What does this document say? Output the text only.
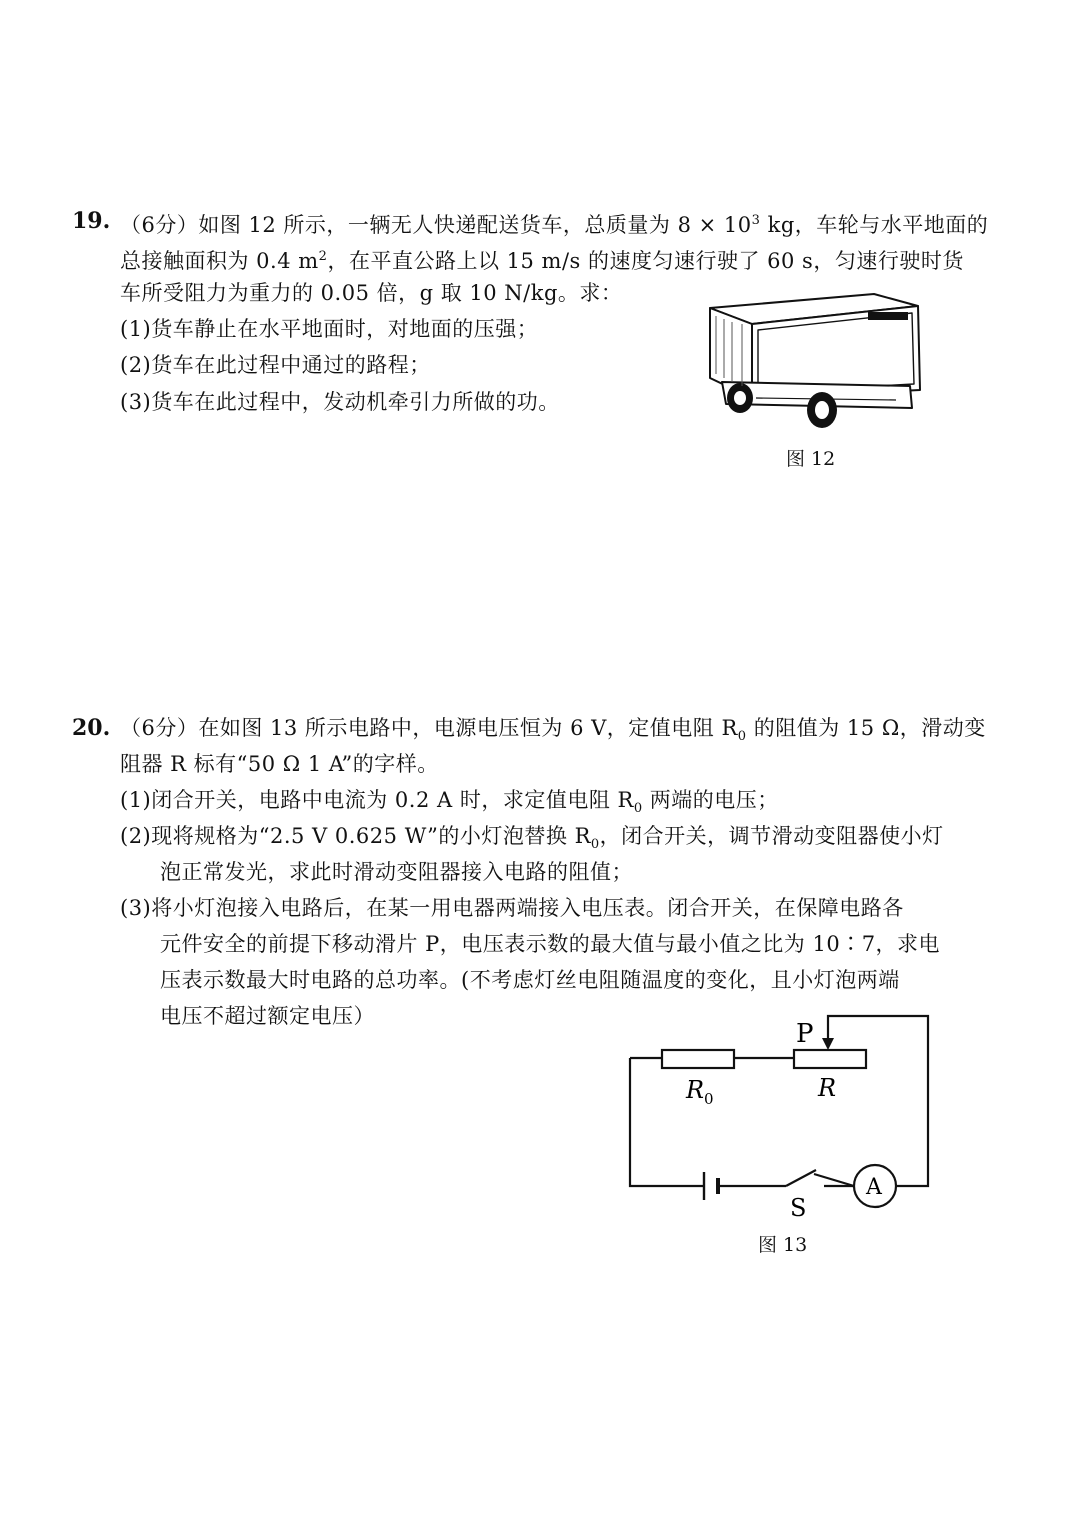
19. （6分）如图 12 所示，一辆无人快递配送货车，总质量为 $8 \times 10^3$ kg，车轮与水平地面的
总接触面积为 0.4 $m^2$，在平直公路上以 15 m/s 的速度匀速行驶了 60 s，匀速行驶时货
车所受阻力为重力的 0.05 倍，g 取 10 N/kg。求：
(1)货车静止在水平地面时，对地面的压强；
(2)货车在此过程中通过的路程；
(3)货车在此过程中，发动机牵引力所做的功。
图 12
20. （6分）在如图 13 所示电路中，电源电压恒为 6 V，定值电阻 $R_0$ 的阻值为 15 Ω，滑动变
阻器 R 标有“50 Ω 1 A”的字样。
(1)闭合开关，电路中电流为 0.2 A 时，求定值电阻 $R_0$ 两端的电压；
(2)现将规格为“2.5 V 0.625 W”的小灯泡替换 $R_0$，闭合开关，调节滑动变阻器使小灯
泡正常发光，求此时滑动变阻器接入电路的阻值；
(3)将小灯泡接入电路后，在某一用电器两端接入电压表。闭合开关，在保障电路各
元件安全的前提下移动滑片 P，电压表示数的最大值与最小值之比为 10∶7，求电
压表示数最大时电路的总功率。(不考虑灯丝电阻随温度的变化，且小灯泡两端
电压不超过额定电压）
P
R 0	R
S
A
图 13
